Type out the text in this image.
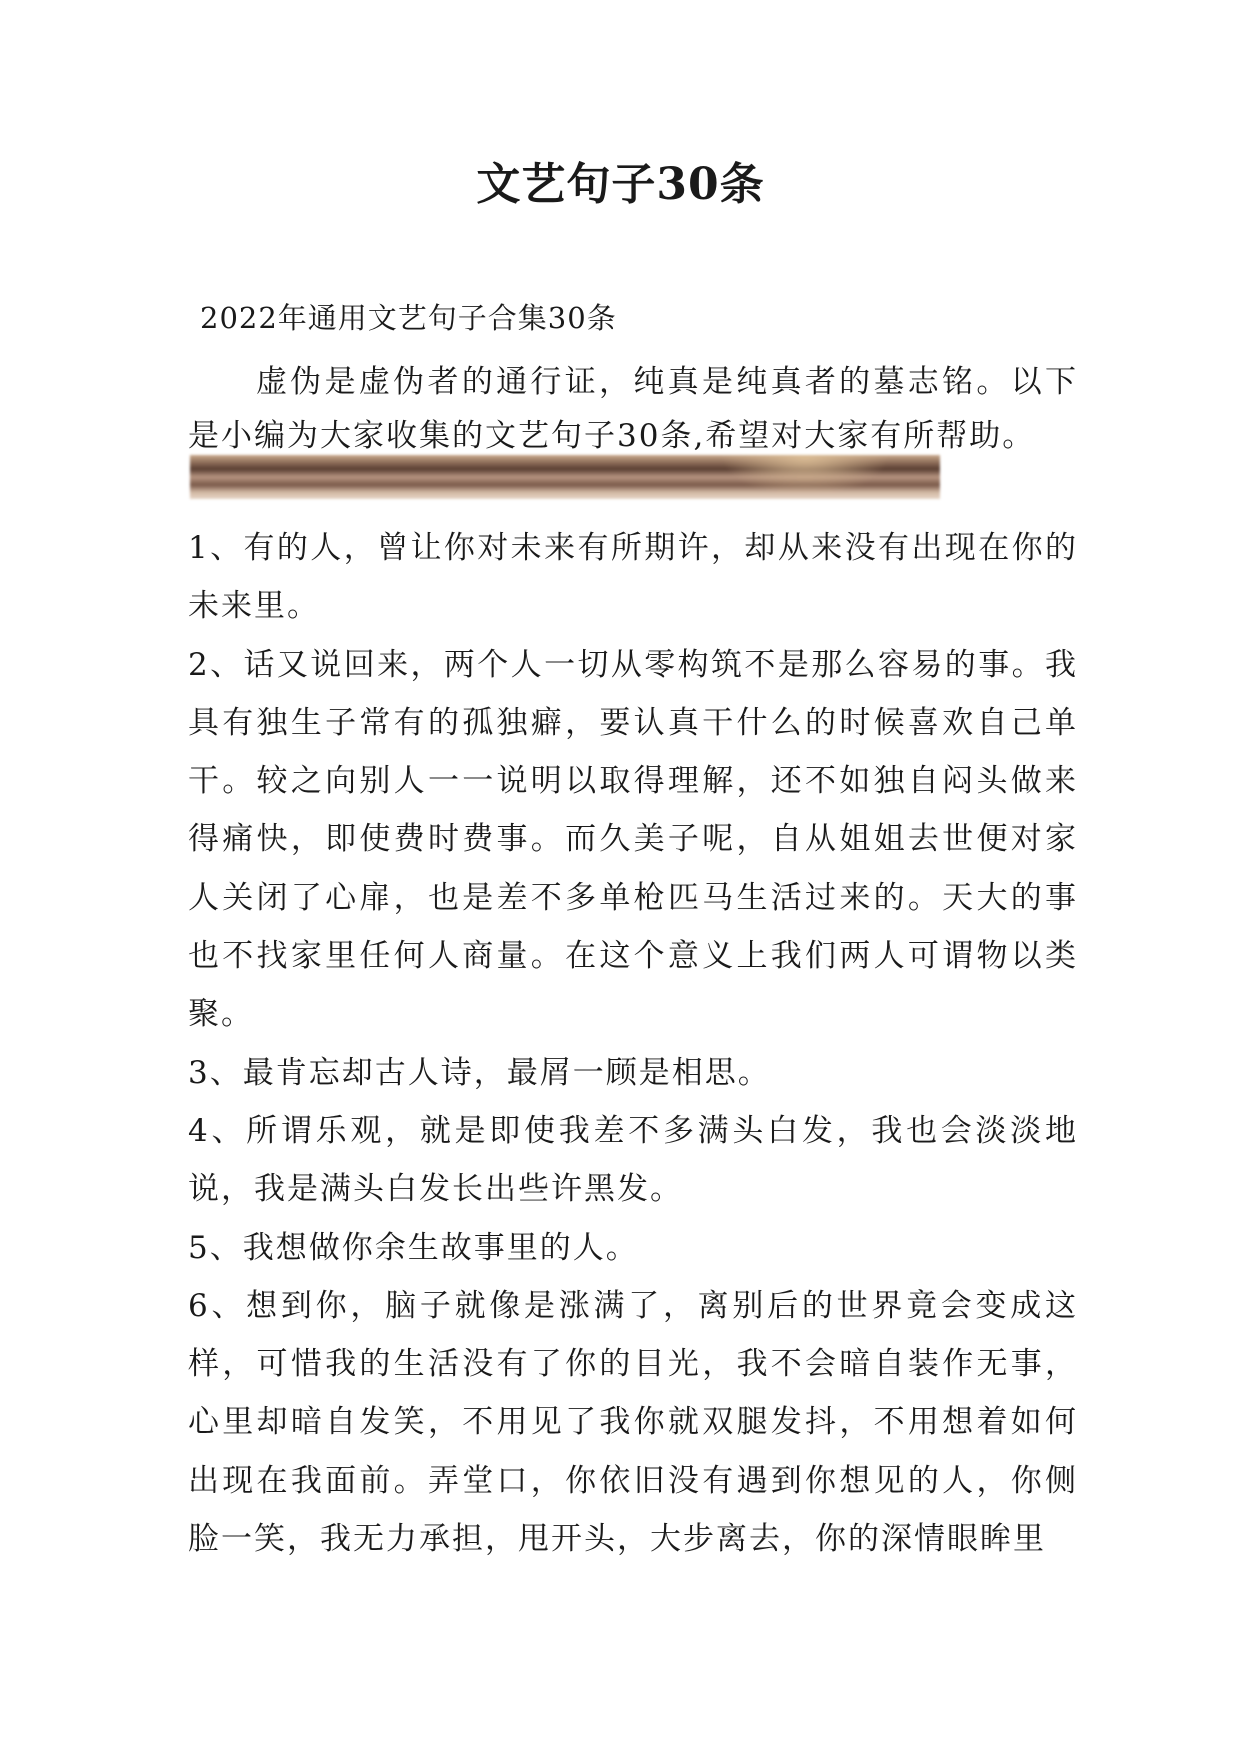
文艺句子30条
2022年通用文艺句子合集30条
虚伪是虚伪者的通行证，纯真是纯真者的墓志铭。以下是小编为大家收集的文艺句子30条,希望对大家有所帮助。

1、有的人，曾让你对未来有所期许，却从来没有出现在你的未来里。

2、话又说回来，两个人一切从零构筑不是那么容易的事。我具有独生子常有的孤独癖，要认真干什么的时候喜欢自己单干。较之向别人一一说明以取得理解，还不如独自闷头做来得痛快，即使费时费事。而久美子呢，自从姐姐去世便对家人关闭了心扉，也是差不多单枪匹马生活过来的。天大的事也不找家里任何人商量。在这个意义上我们两人可谓物以类聚。

3、最肯忘却古人诗，最屑一顾是相思。

4、所谓乐观，就是即使我差不多满头白发，我也会淡淡地说，我是满头白发长出些许黑发。

5、我想做你余生故事里的人。

6、想到你，脑子就像是涨满了，离别后的世界竟会变成这样，可惜我的生活没有了你的目光，我不会暗自装作无事，心里却暗自发笑，不用见了我你就双腿发抖，不用想着如何出现在我面前。弄堂口，你依旧没有遇到你想见的人，你侧脸一笑，我无力承担，甩开头，大步离去，你的深情眼眸里
